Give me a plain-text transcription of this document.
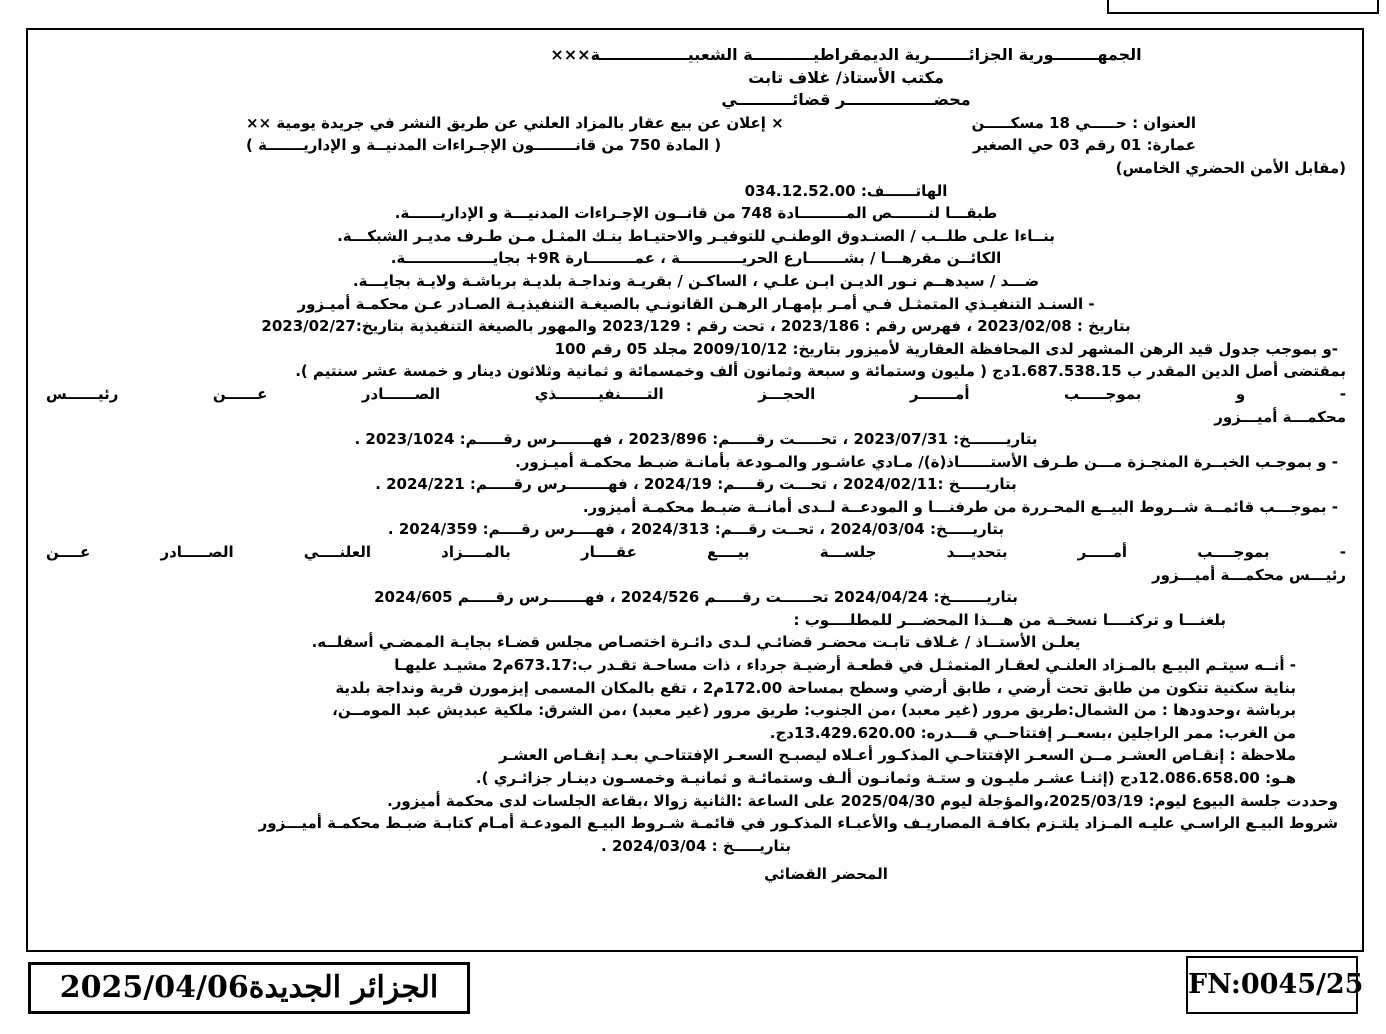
الجمهــــــــورية الجزائـــــــرية الديمقراطيـــــــــــة الشعبيــــــــــــــــة×××
مكتب الأستاذ/ غلاف تابت
محضــــــــــــــــر قضائــــــــــي
العنوان : حـــــي 18 مسكـــــن
× إعلان عن بيع عقار بالمزاد العلني عن طريق النشر في جريدة يومية ××
عمارة: 01 رقم 03 حي الصغير
( المادة 750 من قانــــــــون الإجـراءات المدنيــة و الإداريـــــــة )
(مقابل الأمن الحضري الخامس)
الهاتــــــف: 034.12.52.00
طبقـــا لنـــــــص المـــــــــادة 748 من قانــون الإجـراءات المدنيـــة و الإداريــــــة.
بنــاءا علـى طلــب / الصنـدوق الوطنـي للتوفيـر والاحتيـاط بنـك المثـل مـن طـرف مديـر الشبكـــة.
الكائــن مقرهـــا / بشـــــــارع الحريــــــــــــة ، عمـــــــــارة 9R+ بجايـــــــــــــــــة.
ضـــد / سيدهــم نـور الديـن ابـن علـي ، الساكـن / بقريـة ونداجـة بلديـة برباشـة ولايـة بجايـــة.
- السنـد التنفيـذي المتمثـل فـي أمـر بإمهـار الرهـن القانونـي بالصيغـة التنفيذيـة الصـادر عـن محكمـة أميـزور
بتاريخ : 2023/02/08 ، فهرس رقم : 2023/186 ، تحت رقم : 2023/129 والمهور بالصيغة التنفيذية بتاريخ:2023/02/27
-و بموجب جدول قيد الرهن المشهر لدى المحافظة العقارية لأميزور بتاريخ: 2009/10/12 مجلد 05 رقم 100
بمقتضى أصل الدين المقدر ب 1.687.538.15دج ( مليون وستمائة و سبعة وثمانون ألف وخمسمائة و ثمانية وثلاثون دينار و خمسة عشر سنتيم ).
- و بموجـــــب أمـــــــر الحجـــز التـــــنفيــــــــذي الصــــــادر عــــــن رئيــــــس
محكمـــة أميـــزور
بتاريـــــــخ: 2023/07/31 ، تحـــــت رقـــــم: 2023/896 ، فهـــــــرس رقـــــم: 2023/1024 .
- و بموجـب الخبــرة المنجـزة مـــن طـرف الأستــــــاذ(ة)/ مـادي عاشـور والمـودعة بأمانـة ضبـط محكمـة أميـزور.
بتاريـــــخ :2024/02/11 ، تحـــت رقــــم: 2024/19 ، فهــــــــرس رقـــــم: 2024/221 .
- بموجـــب قائمــة شــروط البيــع المحـررة من طرفنـــا و المودعــة لــدى أمانــة ضبـط محكمـة أميزور.
بتاريـــــخ: 2024/03/04 ، تحــت رقـــم: 2024/313 ، فهــــرس رقــــم: 2024/359 .
- بموجــــب أمـــــر بتحديـــد جلســـة بيــــع عقــــار بالمــــزاد العلنــــي الصـــــادر عــــن
رئيـــس محكمـــة أميـــزور
بتاريـــــــخ: 2024/04/24 تحــــــت رقـــــم 2024/526 ، فهـــــــرس رقـــــم 2024/605
بلغنـــا و تركنــــا نسخــة من هـــذا المحضـــر للمطلــــوب :
يعلـن الأستــاذ / غـلاف تابـت محضـر قضائـي لـدى دائـرة اختصـاص مجلس قضـاء بجايـة الممضـي أسفلــه.
- أنــه سيتـم البيـع بالمـزاد العلنـي لعقـار المتمثـل في قطعـة أرضيـة جرداء ، ذات مساحـة تقـدر ب:673.17م2 مشيـد عليهـا
بناية سكنية تتكون من طابق تحت أرضي ، طابق أرضي وسطح بمساحة 172.00م2 ، تقع بالمكان المسمى إيزمورن قرية ونداجة بلدية
برباشة ،وحدودها : من الشمال:طريق مرور (غير معبد) ،من الجنوب: طريق مرور (غير معبد) ،من الشرق: ملكية عبديش عبد المومــن،
من الغرب: ممر الراجلين ،بسعــر إفتتاحــي قـــدره: 13.429.620.00دج.
ملاحظة : إنقـاص العشـر مــن السعـر الإفتتاحـي المذكـور أعـلاه ليصبـح السعـر الإفتتاحـي بعـد إنقـاص العشـر
هـو: 12.086.658.00دج (إثنـا عشـر مليـون و ستـة وثمانـون ألـف وستمائـة و ثمانيـة وخمسـون دينـار جزائـري ).
وحددت جلسة البيوع ليوم: 2025/03/19،والمؤجلة ليوم 2025/04/30 على الساعة :الثانية زوالا ،بقاعة الجلسات لدى محكمة أميزور.
شروط البيـع الراسـي عليـه المـزاد يلتـزم بكافـة المصاريـف والأعبـاء المذكـور في قائمـة شـروط البيـع المودعـة أمـام كتابـة ضبـط محكمـة أميـــزور
بتاريـــــخ : 2024/03/04 .
المحضر القضائي
الجزائر الجديدة2025/04/06	FN:0045/25
